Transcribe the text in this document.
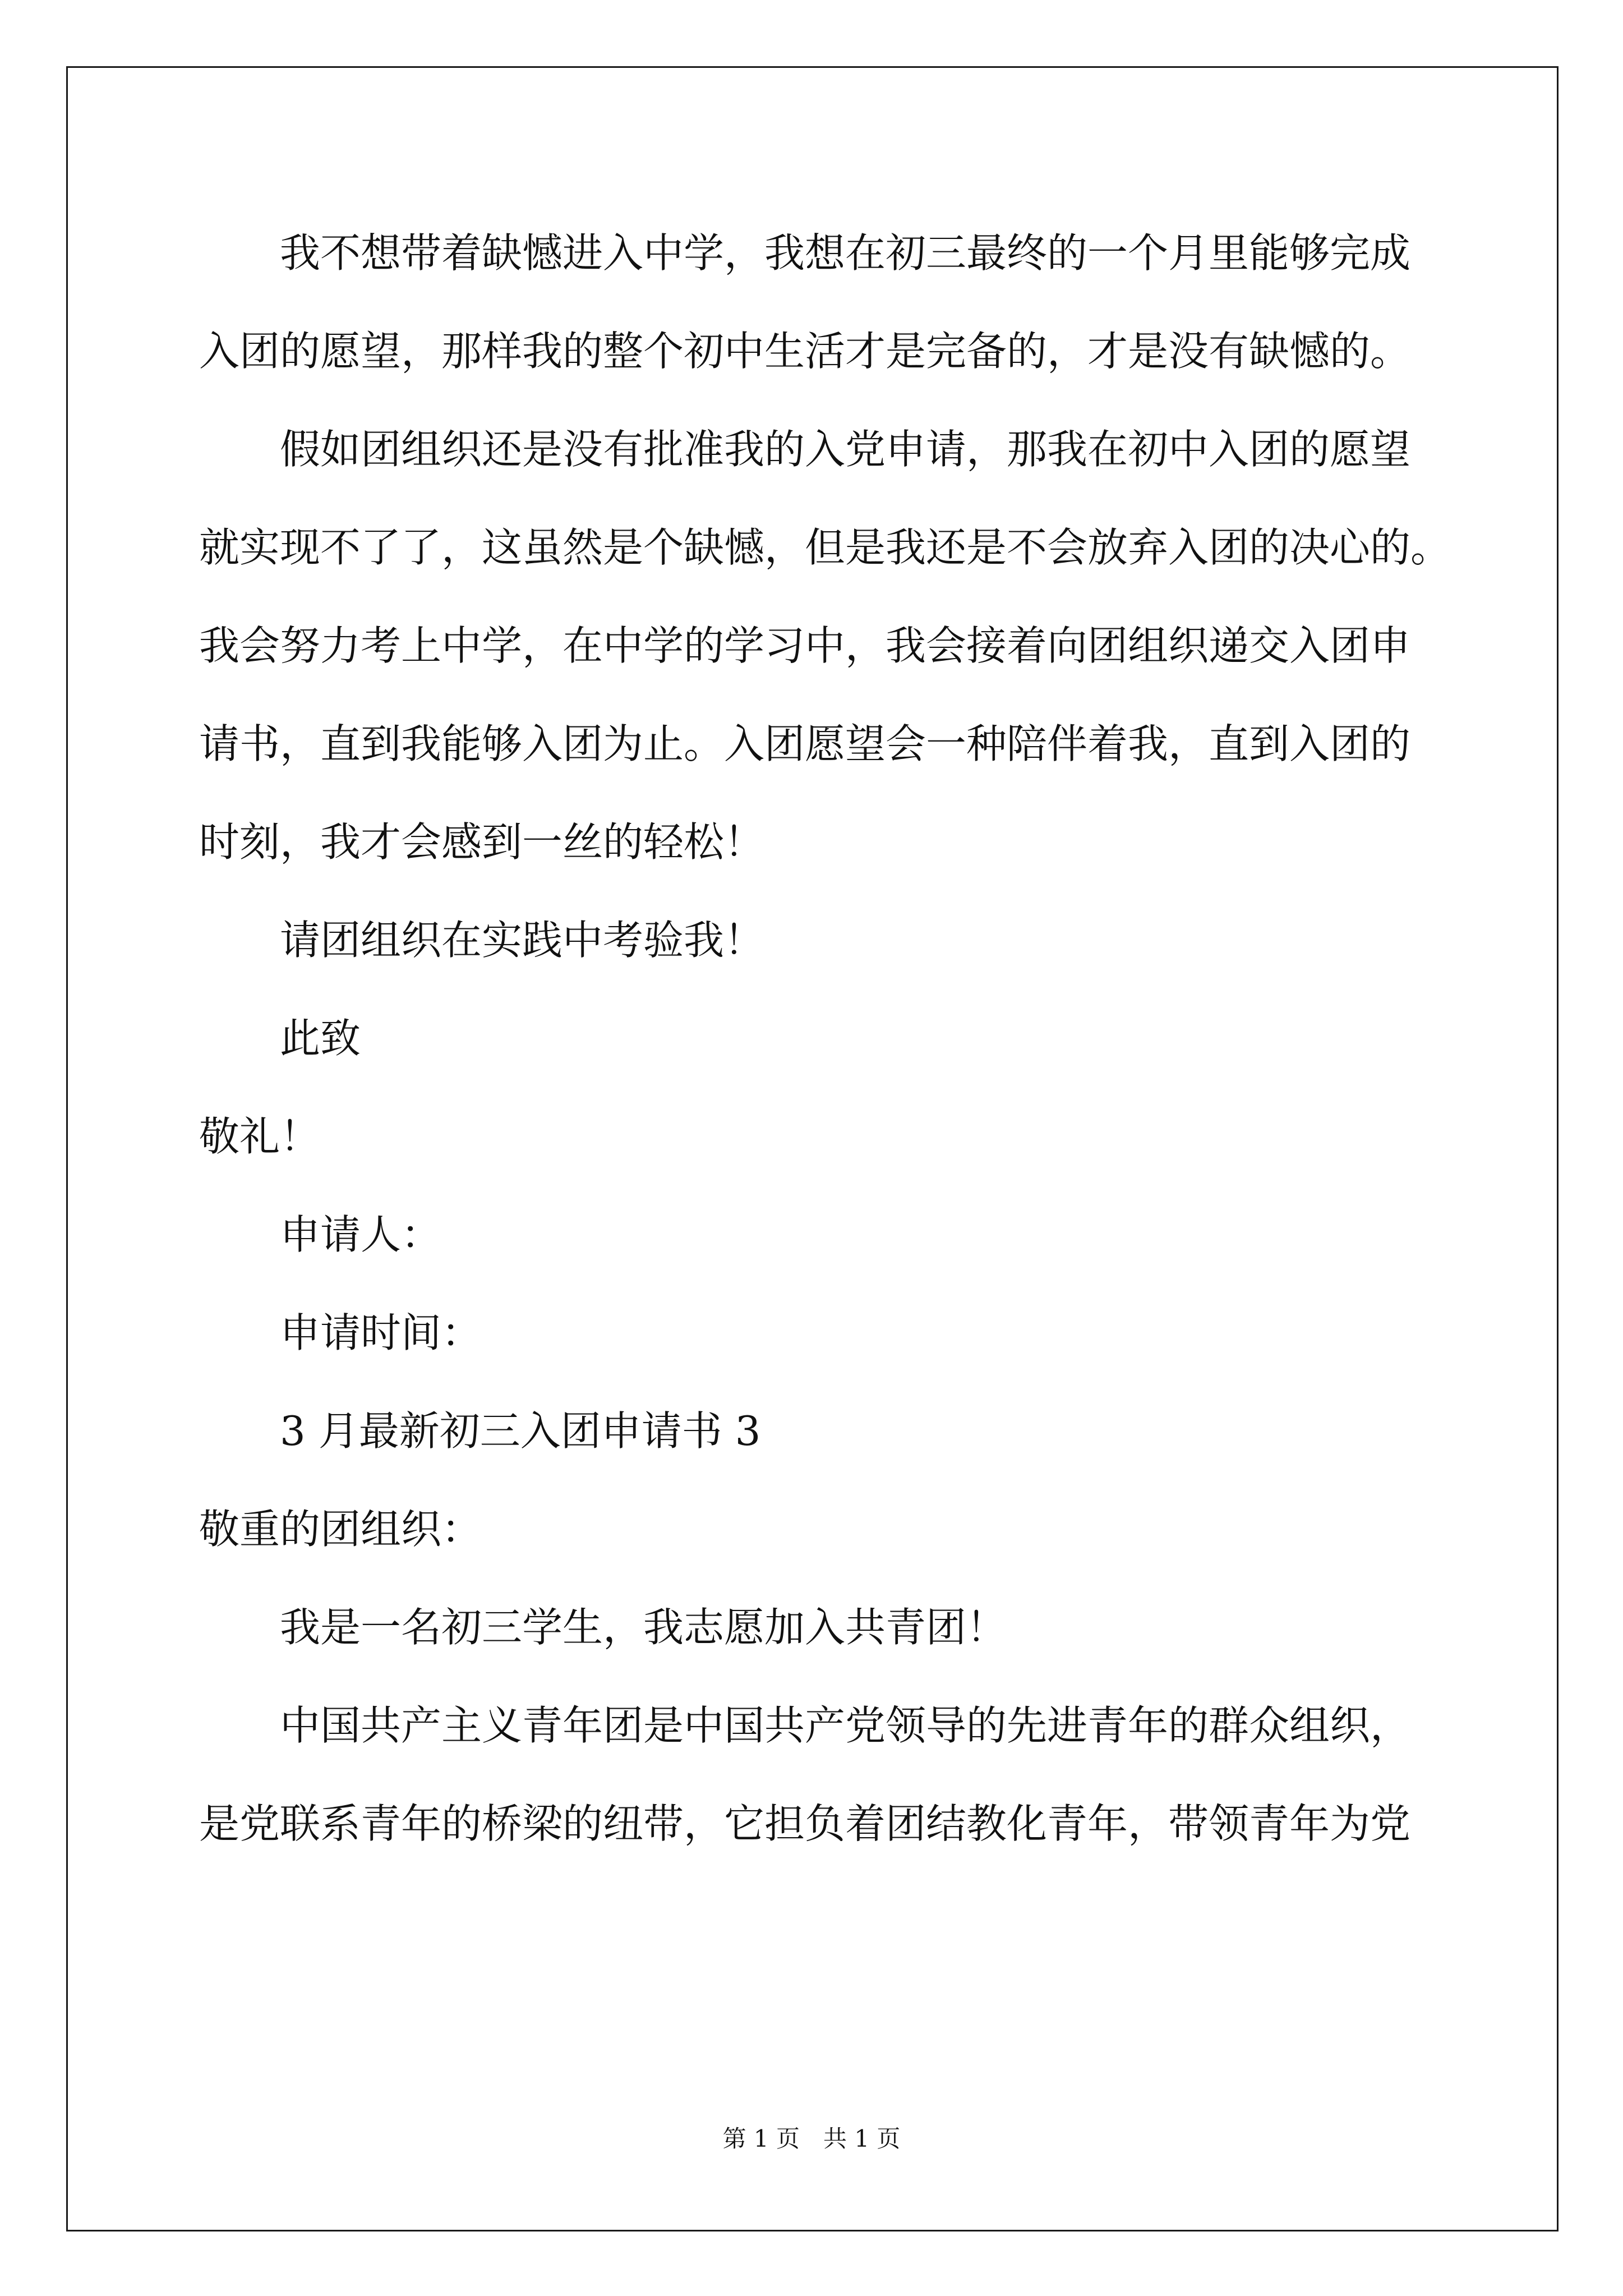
我不想带着缺憾进入中学，我想在初三最终的一个月里能够完成
入团的愿望，那样我的整个初中生活才是完备的，才是没有缺憾的。
假如团组织还是没有批准我的入党申请，那我在初中入团的愿望
就实现不了了，这虽然是个缺憾，但是我还是不会放弃入团的决心的。
我会努力考上中学，在中学的学习中，我会接着向团组织递交入团申
请书，直到我能够入团为止。入团愿望会一种陪伴着我，直到入团的
时刻，我才会感到一丝的轻松！
请团组织在实践中考验我！
此致
敬礼！
申请人：
申请时间：
3 月最新初三入团申请书 3
敬重的团组织：
我是一名初三学生，我志愿加入共青团！
中国共产主义青年团是中国共产党领导的先进青年的群众组织，
是党联系青年的桥梁的纽带，它担负着团结教化青年，带领青年为党
第 1 页　共 1 页
